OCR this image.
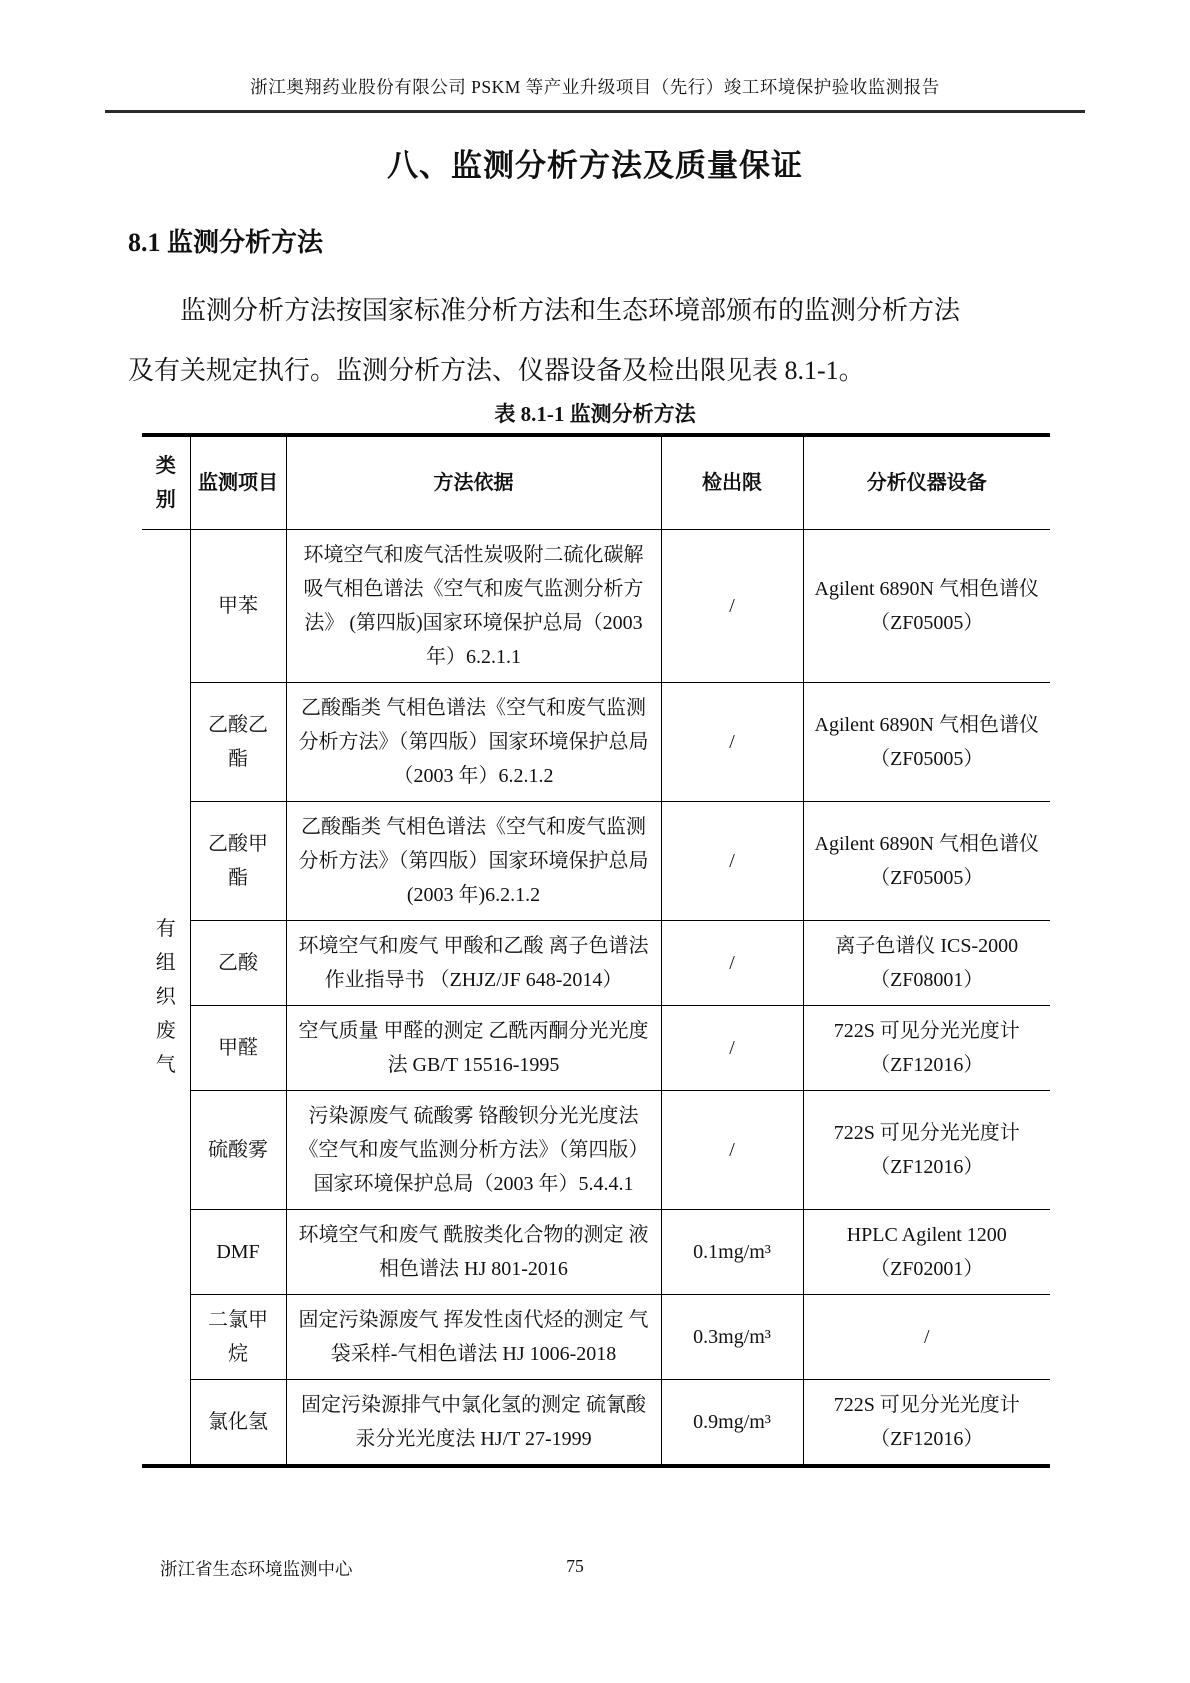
浙江奥翔药业股份有限公司 PSKM 等产业升级项目（先行）竣工环境保护验收监测报告
八、监测分析方法及质量保证
8.1 监测分析方法
监测分析方法按国家标准分析方法和生态环境部颁布的监测分析方法
及有关规定执行。监测分析方法、仪器设备及检出限见表 8.1-1。
表 8.1-1 监测分析方法
类别	监测项目	方法依据	检出限	分析仪器设备
有组织废气	甲苯	环境空气和废气活性炭吸附二硫化碳解吸气相色谱法《空气和废气监测分析方法》 (第四版)国家环境保护总局（2003 年）6.2.1.1	/	Agilent 6890N 气相色谱仪（ZF05005）
	乙酸乙酯	乙酸酯类 气相色谱法《空气和废气监测分析方法》（第四版）国家环境保护总局（2003 年）6.2.1.2	/	Agilent 6890N 气相色谱仪（ZF05005）
	乙酸甲酯	乙酸酯类 气相色谱法《空气和废气监测分析方法》（第四版）国家环境保护总局(2003 年)6.2.1.2	/	Agilent 6890N 气相色谱仪（ZF05005）
	乙酸	环境空气和废气 甲酸和乙酸 离子色谱法 作业指导书 （ZHJZ/JF 648-2014）	/	离子色谱仪 ICS-2000（ZF08001）
	甲醛	空气质量 甲醛的测定 乙酰丙酮分光光度法 GB/T 15516-1995	/	722S 可见分光光度计（ZF12016）
	硫酸雾	污染源废气 硫酸雾 铬酸钡分光光度法《空气和废气监测分析方法》（第四版）国家环境保护总局（2003 年）5.4.4.1	/	722S 可见分光光度计（ZF12016）
	DMF	环境空气和废气 酰胺类化合物的测定 液相色谱法 HJ 801-2016	0.1mg/m³	HPLC Agilent 1200（ZF02001）
	二氯甲烷	固定污染源废气 挥发性卤代烃的测定 气袋采样-气相色谱法 HJ 1006-2018	0.3mg/m³	/
	氯化氢	固定污染源排气中氯化氢的测定 硫氰酸汞分光光度法 HJ/T 27-1999	0.9mg/m³	722S 可见分光光度计（ZF12016）
浙江省生态环境监测中心	75
